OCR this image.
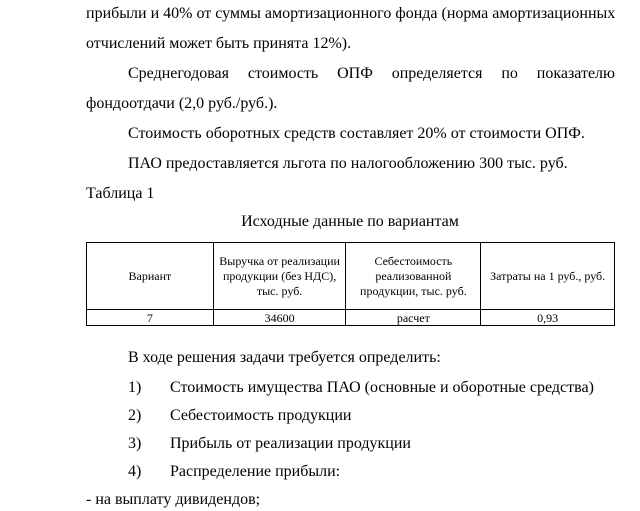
прибыли и 40% от суммы амортизационного фонда (норма амортизационных
отчислений может быть принята 12%).
Среднегодовая стоимость ОПФ определяется по показателю
фондоотдачи (2,0 руб./руб.).
Стоимость оборотных средств составляет 20% от стоимости ОПФ.
ПАО предоставляется льгота по налогообложению 300 тыс. руб.
Таблица 1
Исходные данные по вариантам
Вариант	Выручка от реализации продукции (без НДС), тыс. руб.	Себестоимость реализованной продукции, тыс. руб.	Затраты на 1 руб., руб.
7	34600	расчет	0,93
В ходе решения задачи требуется определить:
1) Стоимость имущества ПАО (основные и оборотные средства)
2) Себестоимость продукции
3) Прибыль от реализации продукции
4) Распределение прибыли:
- на выплату дивидендов;
